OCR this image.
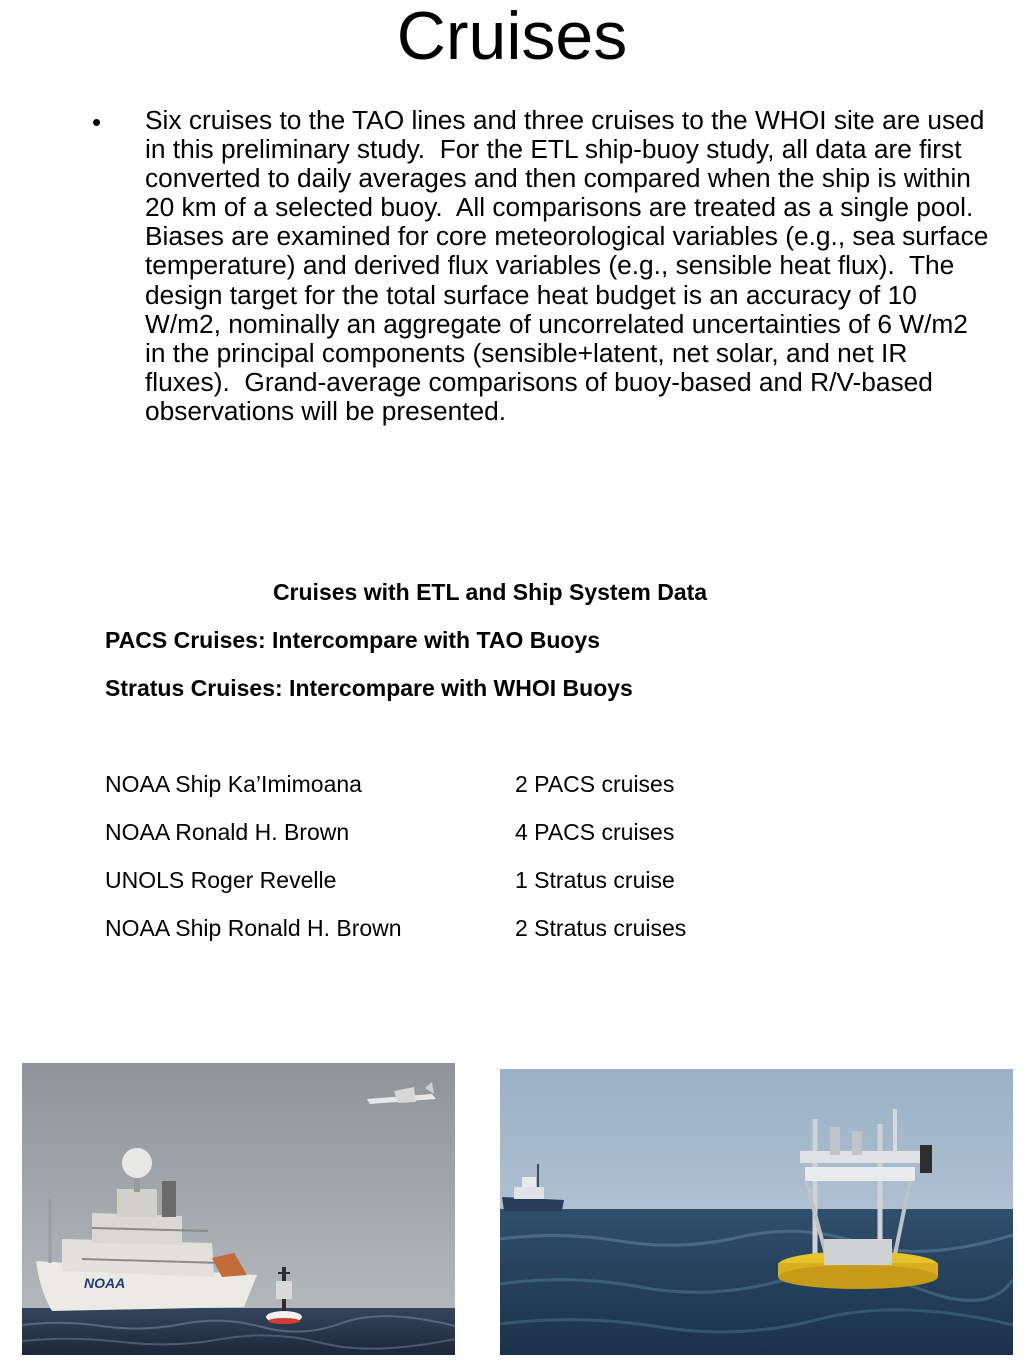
Cruises
• Six cruises to the TAO lines and three cruises to the WHOI site are used in this preliminary study.  For the ETL ship-buoy study, all data are first converted to daily averages and then compared when the ship is within 20 km of a selected buoy.  All comparisons are treated as a single pool.  Biases are examined for core meteorological variables (e.g., sea surface temperature) and derived flux variables (e.g., sensible heat flux).  The design target for the total surface heat budget is an accuracy of 10 W/m2, nominally an aggregate of uncorrelated uncertainties of 6 W/m2 in the principal components (sensible+latent, net solar, and net IR fluxes).  Grand-average comparisons of buoy-based and R/V-based  observations will be presented.
Cruises with ETL and Ship System Data
PACS Cruises: Intercompare with TAO Buoys
Stratus Cruises: Intercompare with WHOI Buoys
NOAA Ship Ka’Imimoana	2 PACS cruises
NOAA Ronald H. Brown	4 PACS cruises
UNOLS Roger Revelle	1 Stratus cruise
NOAA Ship Ronald H. Brown	2 Stratus cruises
NOAA
